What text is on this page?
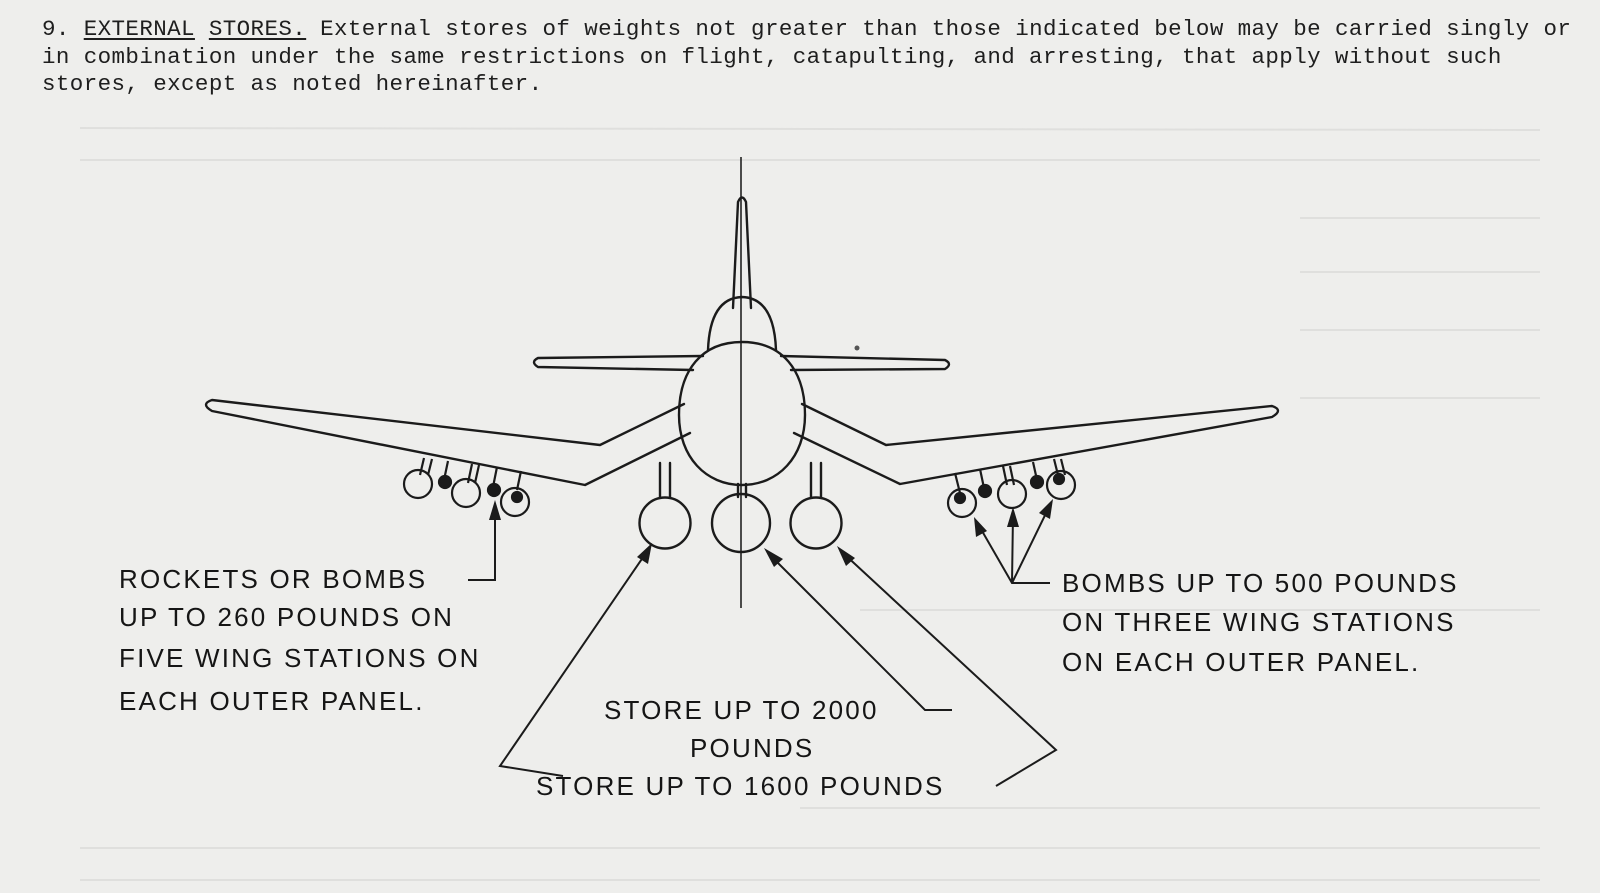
9. EXTERNAL STORES. External stores of weights not greater than those indicated below may be carried singly or in combination under the same restrictions on flight, catapulting, and arresting, that apply without such stores, except as noted hereinafter.

ROCKETS OR BOMBS UP TO 260 POUNDS ON FIVE WING STATIONS ON EACH OUTER PANEL.
BOMBS UP TO 500 POUNDS ON THREE WING STATIONS ON EACH OUTER PANEL.
STORE UP TO 2000 POUNDS
STORE UP TO 1600 POUNDS
